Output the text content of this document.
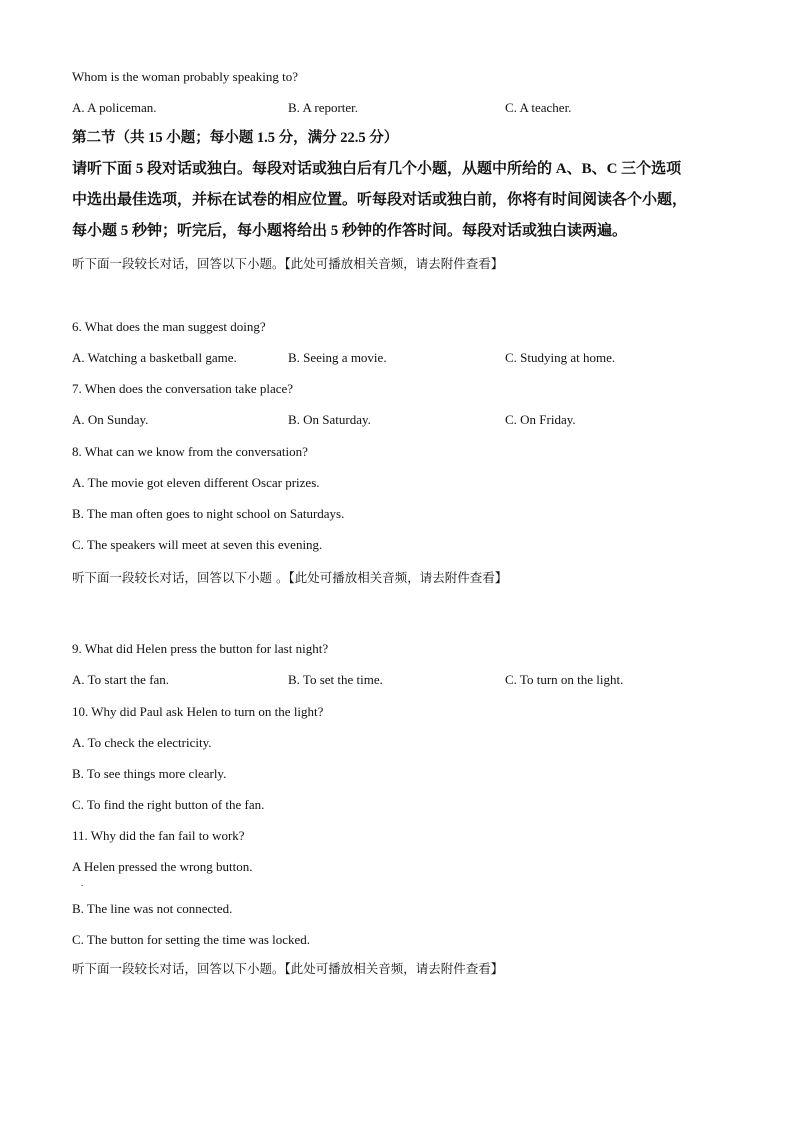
Whom is the woman probably speaking to?
A. A policeman.	B. A reporter.	C. A teacher.
第二节（共 15 小题；每小题 1.5 分，满分 22.5 分）
请听下面 5 段对话或独白。每段对话或独白后有几个小题，从题中所给的 A、B、C 三个选项
中选出最佳选项，并标在试卷的相应位置。听每段对话或独白前，你将有时间阅读各个小题，
每小题 5 秒钟；听完后，每小题将给出 5 秒钟的作答时间。每段对话或独白读两遍。
听下面一段较长对话，回答以下小题。【此处可播放相关音频，请去附件查看】
6. What does the man suggest doing?
A. Watching a basketball game.	B. Seeing a movie.	C. Studying at home.
7. When does the conversation take place?
A. On Sunday.	B. On Saturday.	C. On Friday.
8. What can we know from the conversation?
A. The movie got eleven different Oscar prizes.
B. The man often goes to night school on Saturdays.
C. The speakers will meet at seven this evening.
听下面一段较长对话，回答以下小题 。【此处可播放相关音频，请去附件查看】
9. What did Helen press the button for last night?
A. To start the fan.	B. To set the time.	C. To turn on the light.
10. Why did Paul ask Helen to turn on the light?
A. To check the electricity.
B. To see things more clearly.
C. To find the right button of the fan.
11. Why did the fan fail to work?
A Helen pressed the wrong button.
.
B. The line was not connected.
C. The button for setting the time was locked.
听下面一段较长对话，回答以下小题。【此处可播放相关音频，请去附件查看】
